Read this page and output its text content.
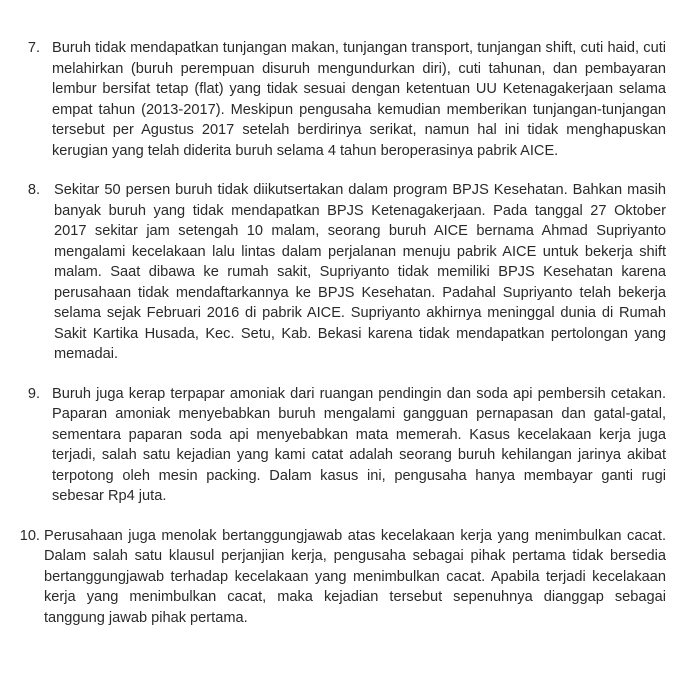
7. Buruh tidak mendapatkan tunjangan makan, tunjangan transport, tunjangan shift, cuti haid, cuti melahirkan (buruh perempuan disuruh mengundurkan diri), cuti tahunan, dan pembayaran lembur bersifat tetap (flat) yang tidak sesuai dengan ketentuan UU Ketenagakerjaan selama empat tahun (2013-2017). Meskipun pengusaha kemudian memberikan tunjangan-tunjangan tersebut per Agustus 2017 setelah berdirinya serikat, namun hal ini tidak menghapuskan kerugian yang telah diderita buruh selama 4 tahun beroperasinya pabrik AICE.
8. Sekitar 50 persen buruh tidak diikutsertakan dalam program BPJS Kesehatan. Bahkan masih banyak buruh yang tidak mendapatkan BPJS Ketenagakerjaan. Pada tanggal 27 Oktober 2017 sekitar jam setengah 10 malam, seorang buruh AICE bernama Ahmad Supriyanto mengalami kecelakaan lalu lintas dalam perjalanan menuju pabrik AICE untuk bekerja shift malam. Saat dibawa ke rumah sakit, Supriyanto tidak memiliki BPJS Kesehatan karena perusahaan tidak mendaftarkannya ke BPJS Kesehatan. Padahal Supriyanto telah bekerja selama sejak Februari 2016 di pabrik AICE. Supriyanto akhirnya meninggal dunia di Rumah Sakit Kartika Husada, Kec. Setu, Kab. Bekasi karena tidak mendapatkan pertolongan yang memadai.
9. Buruh juga kerap terpapar amoniak dari ruangan pendingin dan soda api pembersih cetakan. Paparan amoniak menyebabkan buruh mengalami gangguan pernapasan dan gatal-gatal, sementara paparan soda api menyebabkan mata memerah. Kasus kecelakaan kerja juga terjadi, salah satu kejadian yang kami catat adalah seorang buruh kehilangan jarinya akibat terpotong oleh mesin packing. Dalam kasus ini, pengusaha hanya membayar ganti rugi sebesar Rp4 juta.
10. Perusahaan juga menolak bertanggungjawab atas kecelakaan kerja yang menimbulkan cacat. Dalam salah satu klausul perjanjian kerja, pengusaha sebagai pihak pertama tidak bersedia bertanggungjawab terhadap kecelakaan yang menimbulkan cacat. Apabila terjadi kecelakaan kerja yang menimbulkan cacat, maka kejadian tersebut sepenuhnya dianggap sebagai tanggung jawab pihak pertama.
